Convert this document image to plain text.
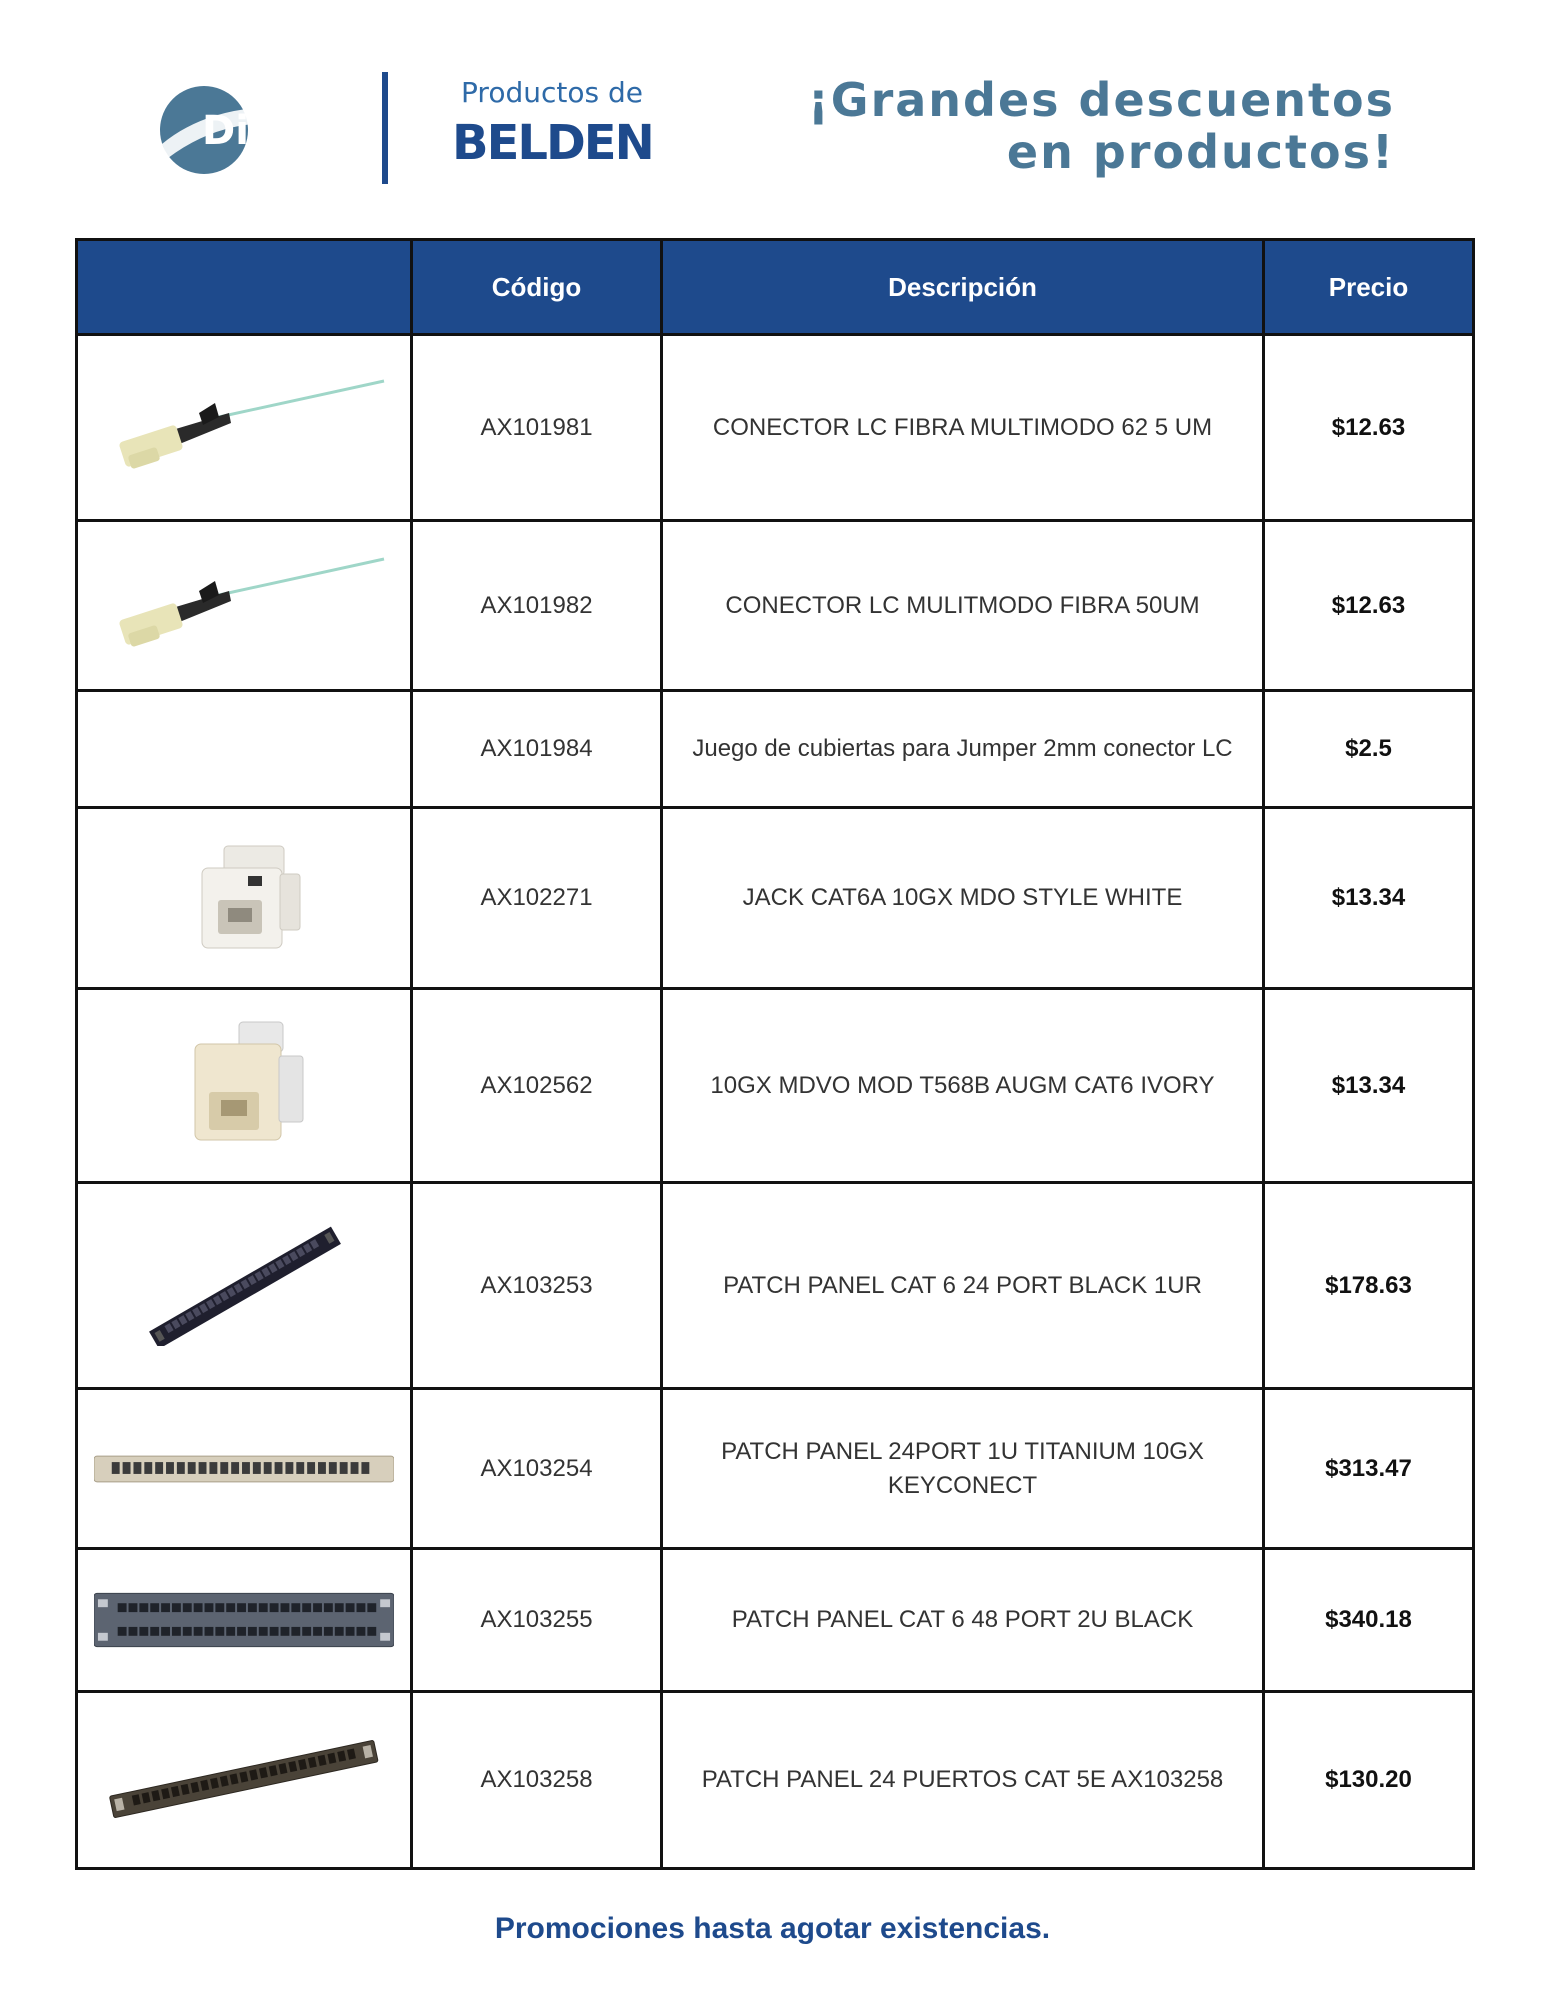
Dinet
Productos de
BELDEN
¡Grandes descuentos
en productos!
	Código	Descripción	Precio

	AX101981	CONECTOR LC FIBRA MULTIMODO 62 5 UM	$12.63

	AX101982	CONECTOR LC MULITMODO FIBRA 50UM	$12.63
	AX101984	Juego de cubiertas para Jumper 2mm conector LC	$2.5

	AX102271	JACK CAT6A 10GX MDO STYLE WHITE	$13.34

	AX102562	10GX MDVO MOD T568B AUGM CAT6 IVORY	$13.34

	AX103253	PATCH PANEL CAT 6 24 PORT BLACK 1UR	$178.63

	AX103254	PATCH PANEL 24PORT 1U TITANIUM 10GX KEYCONECT	$313.47

	AX103255	PATCH PANEL CAT 6 48 PORT 2U BLACK	$340.18

	AX103258	PATCH PANEL 24 PUERTOS CAT 5E AX103258	$130.20
Promociones hasta agotar existencias.
